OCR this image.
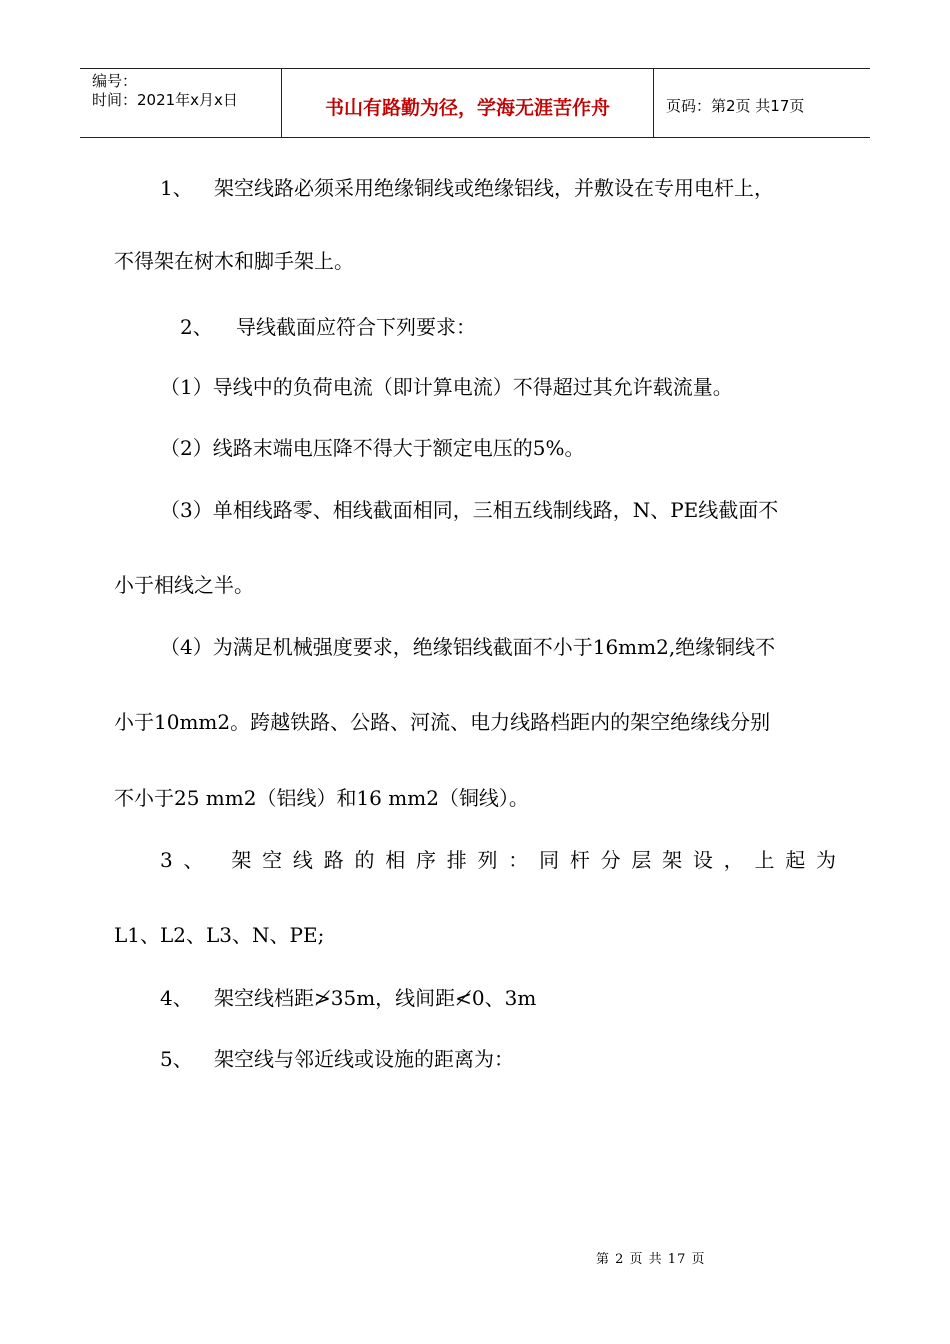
编号：
时间：2021年x月x日	书山有路勤为径，学海无涯苦作舟	页码：第2页 共17页
1、 架空线路必须采用绝缘铜线或绝缘铝线，并敷设在专用电杆上，
不得架在树木和脚手架上。
2、 导线截面应符合下列要求：
（1）导线中的负荷电流（即计算电流）不得超过其允许载流量。
（2）线路末端电压降不得大于额定电压的5%。
（3）单相线路零、相线截面相同，三相五线制线路，N、PE线截面不
小于相线之半。
（4）为满足机械强度要求，绝缘铝线截面不小于16mm2,绝缘铜线不
小于10mm2。跨越铁路、公路、河流、电力线路档距内的架空绝缘线分别
不小于25 mm2（铝线）和16 mm2（铜线）。
3、 架空线路的相序排列：同杆分层架设，上起为
L1、L2、L3、N、PE;
4、 架空线档距≯35m，线间距≮0、3m
5、 架空线与邻近线或设施的距离为：
第 2 页 共 17 页
